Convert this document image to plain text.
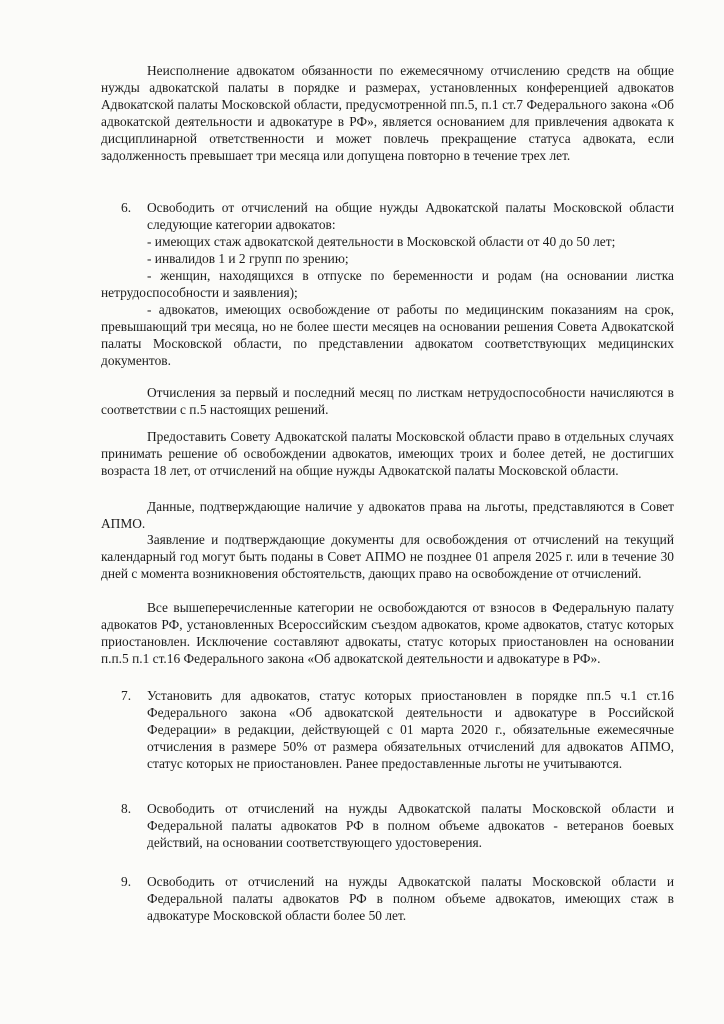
Неисполнение адвокатом обязанности по ежемесячному отчислению средств на общие нужды адвокатской палаты в порядке и размерах, установленных конференцией адвокатов Адвокатской палаты Московской области, предусмотренной пп.5, п.1 ст.7 Федерального закона «Об адвокатской деятельности и адвокатуре в РФ», является основанием для привлечения адвоката к дисциплинарной ответственности и может повлечь прекращение статуса адвоката, если задолженность превышает три месяца или допущена повторно в течение трех лет.

6. Освободить от отчислений на общие нужды Адвокатской палаты Московской области следующие категории адвокатов:
- имеющих стаж адвокатской деятельности в Московской области от 40 до 50 лет;
- инвалидов 1 и 2 групп по зрению;
- женщин, находящихся в отпуске по беременности и родам (на основании листка нетрудоспособности и заявления);
- адвокатов, имеющих освобождение от работы по медицинским показаниям на срок, превышающий три месяца, но не более шести месяцев на основании решения Совета Адвокатской палаты Московской области, по представлении адвокатом соответствующих медицинских документов.

Отчисления за первый и последний месяц по листкам нетрудоспособности начисляются в соответствии с п.5 настоящих решений.

Предоставить Совету Адвокатской палаты Московской области право в отдельных случаях принимать решение об освобождении адвокатов, имеющих троих и более детей, не достигших возраста 18 лет, от отчислений на общие нужды Адвокатской палаты Московской области.

Данные, подтверждающие наличие у адвокатов права на льготы, представляются в Совет АПМО.

Заявление и подтверждающие документы для освобождения от отчислений на текущий календарный год могут быть поданы в Совет АПМО не позднее 01 апреля 2025 г. или в течение 30 дней с момента возникновения обстоятельств, дающих право на освобождение от отчислений.

Все вышеперечисленные категории не освобождаются от взносов в Федеральную палату адвокатов РФ, установленных Всероссийским съездом адвокатов, кроме адвокатов, статус которых приостановлен. Исключение составляют адвокаты, статус которых приостановлен на основании п.п.5 п.1 ст.16 Федерального закона «Об адвокатской деятельности и адвокатуре в РФ».

7. Установить для адвокатов, статус которых приостановлен в порядке пп.5 ч.1 ст.16 Федерального закона «Об адвокатской деятельности и адвокатуре в Российской Федерации» в редакции, действующей с 01 марта 2020 г., обязательные ежемесячные отчисления в размере 50% от размера обязательных отчислений для адвокатов АПМО, статус которых не приостановлен. Ранее предоставленные льготы не учитываются.
8. Освободить от отчислений на нужды Адвокатской палаты Московской области и Федеральной палаты адвокатов РФ в полном объеме адвокатов - ветеранов боевых действий, на основании соответствующего удостоверения.
9. Освободить от отчислений на нужды Адвокатской палаты Московской области и Федеральной палаты адвокатов РФ в полном объеме адвокатов, имеющих стаж в адвокатуре Московской области более 50 лет.
